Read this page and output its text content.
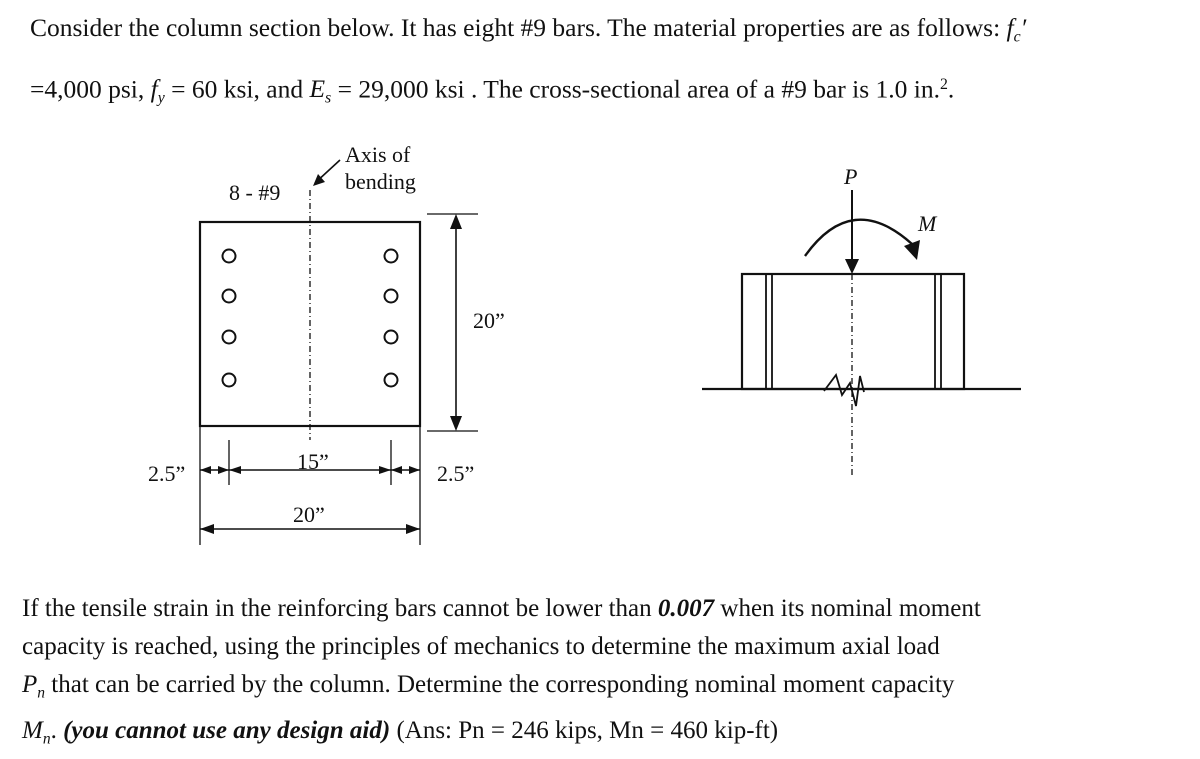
Consider the column section below. It has eight #9 bars. The material properties are as follows: $f_c'$

=4,000 psi, $f_y = 60$ ksi, and $E_s = 29,000$ ksi . The cross-sectional area of a #9 bar is 1.0 in.$^2$.

8 - #9
Axis of
bending
20”
2.5”	15”	2.5”
20”
P
M

If the tensile strain in the reinforcing bars cannot be lower than 0.007 when its nominal moment

capacity is reached, using the principles of mechanics to determine the maximum axial load

$P_n$ that can be carried by the column. Determine the corresponding nominal moment capacity

$M_n$. (you cannot use any design aid) (Ans: Pn = 246 kips, Mn = 460 kip-ft)
